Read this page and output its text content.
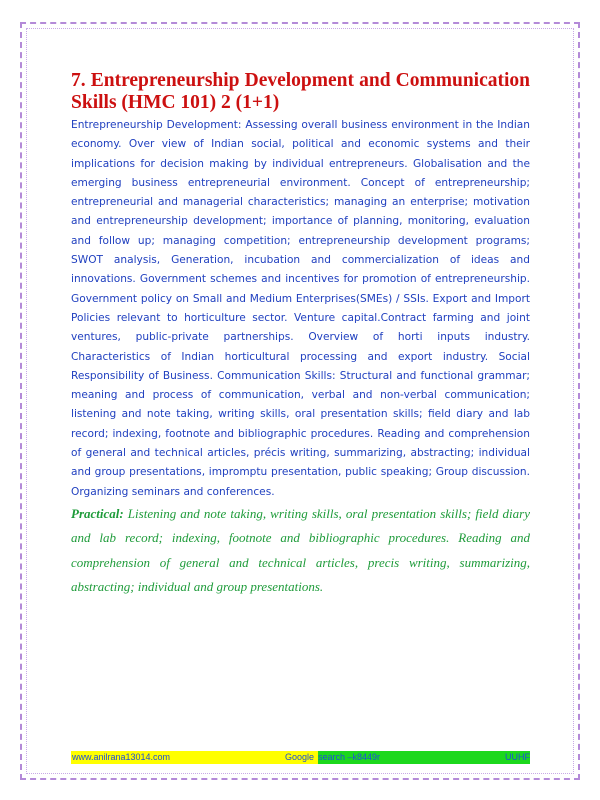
7. Entrepreneurship Development and Communication Skills (HMC 101) 2 (1+1)

Entrepreneurship Development: Assessing overall business environment in the Indian economy. Over view of Indian social, political and economic systems and their implications for decision making by individual entrepreneurs. Globalisation and the emerging business entrepreneurial environment. Concept of entrepreneurship; entrepreneurial and managerial characteristics; managing an enterprise; motivation and entrepreneurship development; importance of planning, monitoring, evaluation and follow up; managing competition; entrepreneurship development programs; SWOT analysis, Generation, incubation and commercialization of ideas and innovations. Government schemes and incentives for promotion of entrepreneurship. Government policy on Small and Medium Enterprises(SMEs) / SSIs. Export and Import Policies relevant to horticulture sector. Venture capital.Contract farming and joint ventures, public-private partnerships. Overview of horti inputs industry. Characteristics of Indian horticultural processing and export industry. Social Responsibility of Business. Communication Skills: Structural and functional grammar; meaning and process of communication, verbal and non-verbal communication; listening and note taking, writing skills, oral presentation skills; field diary and lab record; indexing, footnote and bibliographic procedures. Reading and comprehension of general and technical articles, précis writing, summarizing, abstracting; individual and group presentations, impromptu presentation, public speaking; Group discussion. Organizing seminars and conferences.

Practical: Listening and note taking, writing skills, oral presentation skills; field diary and lab record; indexing, footnote and bibliographic procedures. Reading and comprehension of general and technical articles, precis writing, summarizing, abstracting; individual and group presentations.

www.anilrana13014.com	Google search –k8449r	UUHF
